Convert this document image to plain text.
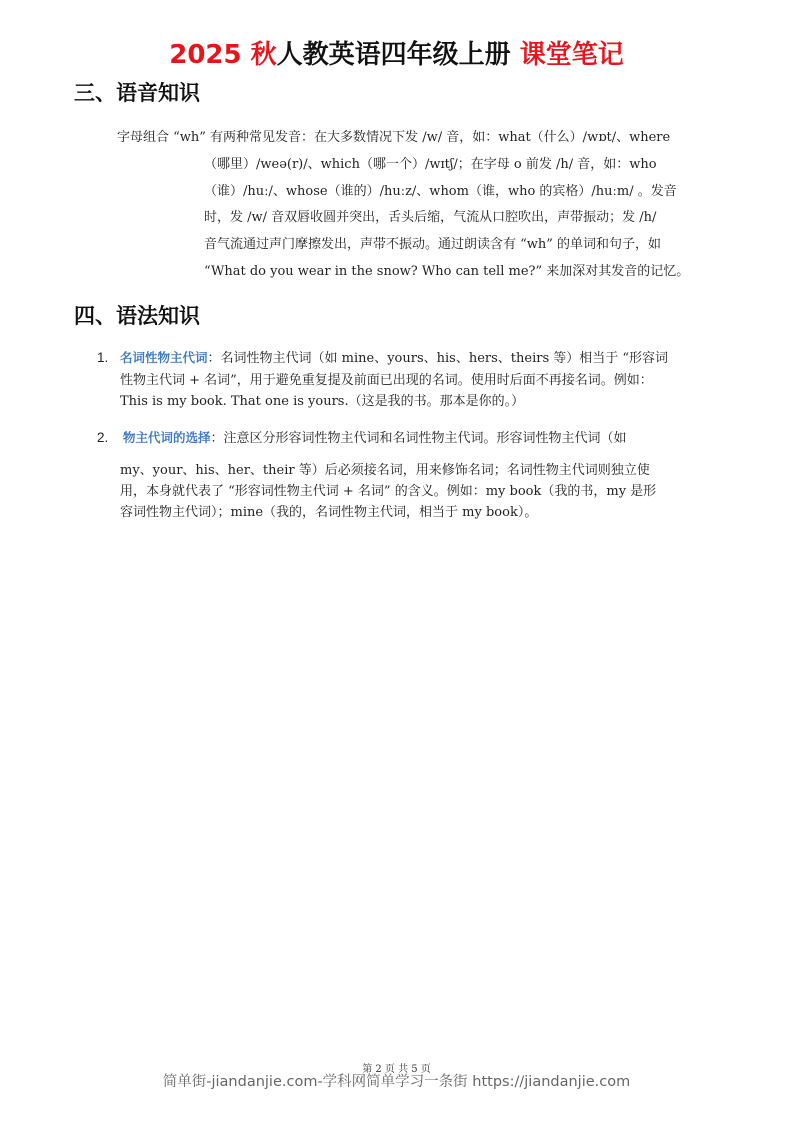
2025 秋人教英语四年级上册 课堂笔记
三、语音知识
字母组合 “wh” 有两种常见发音：在大多数情况下发 /w/ 音，如：what（什么）/wɒt/、where
（哪里）/weə(r)/、which（哪一个）/wɪtʃ/；在字母 o 前发 /h/ 音，如：who
（谁）/huː/、whose（谁的）/huːz/、whom（谁，who 的宾格）/huːm/ 。发音
时，发 /w/ 音双唇收圆并突出，舌头后缩，气流从口腔吹出，声带振动；发 /h/
音气流通过声门摩擦发出，声带不振动。通过朗读含有 “wh” 的单词和句子，如
“What do you wear in the snow? Who can tell me?” 来加深对其发音的记忆。
四、语法知识
1. 名词性物主代词：名词性物主代词（如 mine、yours、his、hers、theirs 等）相当于 “形容词
性物主代词 + 名词”，用于避免重复提及前面已出现的名词。使用时后面不再接名词。例如：
This is my book. That one is yours.（这是我的书。那本是你的。）
2. 物主代词的选择：注意区分形容词性物主代词和名词性物主代词。形容词性物主代词（如
my、your、his、her、their 等）后必须接名词，用来修饰名词；名词性物主代词则独立使
用，本身就代表了 “形容词性物主代词 + 名词” 的含义。例如：my book（我的书，my 是形
容词性物主代词）；mine（我的，名词性物主代词，相当于 my book）。
第 2 页 共 5 页
简单街-jiandanjie.com-学科网简单学习一条街 https://jiandanjie.com
